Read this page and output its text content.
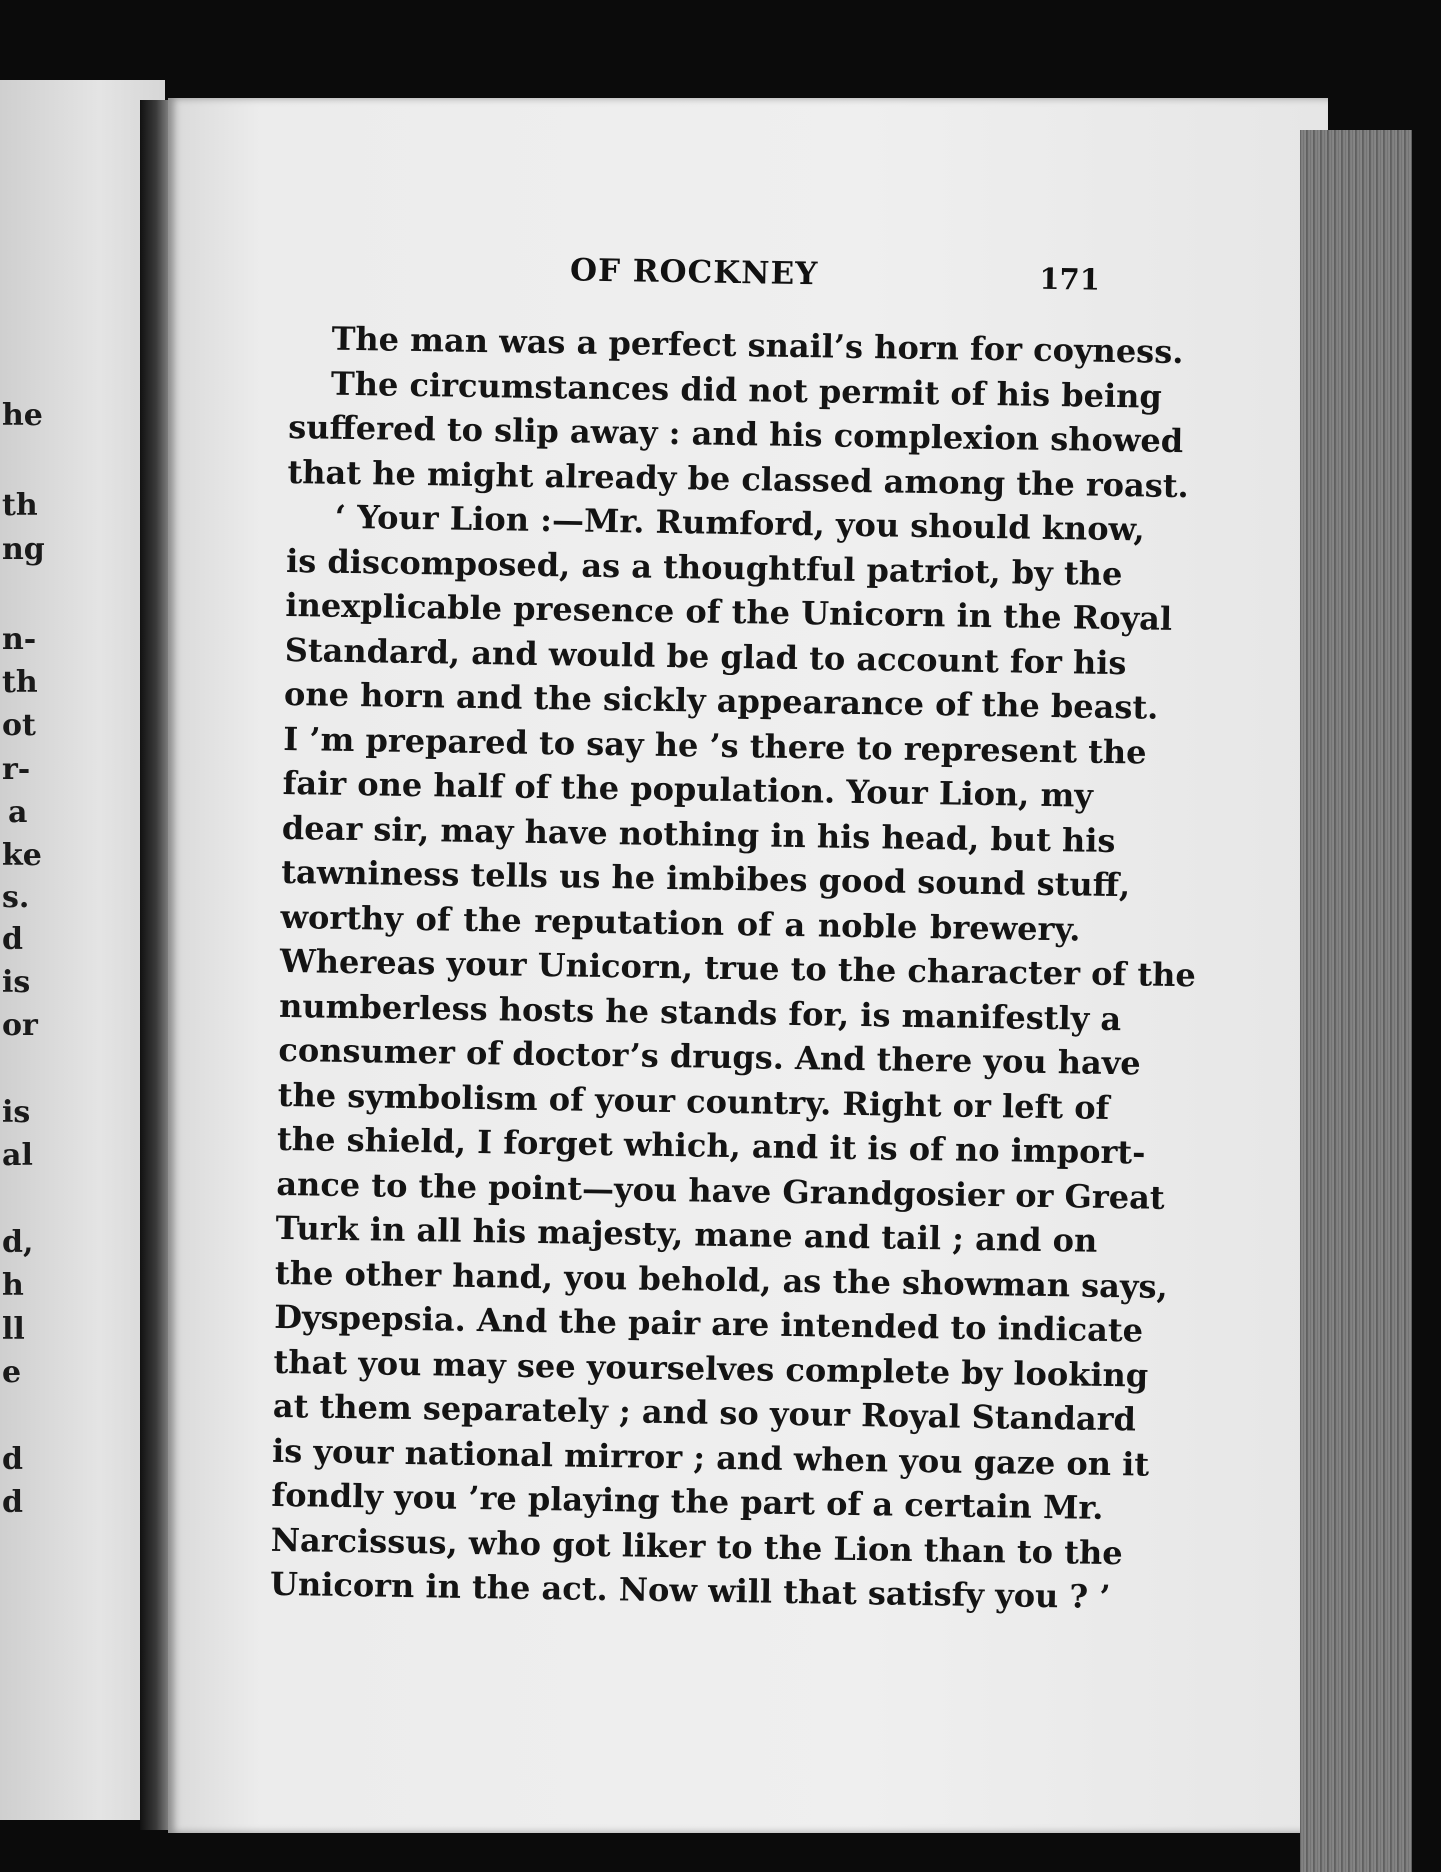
he
th
ng
n-
th
ot
r-
a
ke
s.
d
is
or
is
al
d,
h
ll
e
d
d
OF ROCKNEY	171
The man was a perfect snail’s horn for coyness.
The circumstances did not permit of his being
suffered to slip away : and his complexion showed
that he might already be classed among the roast.
‘ Your Lion :—Mr. Rumford, you should know,
is discomposed, as a thoughtful patriot, by the
inexplicable presence of the Unicorn in the Royal
Standard, and would be glad to account for his
one horn and the sickly appearance of the beast.
I ’m prepared to say he ’s there to represent the
fair one half of the population. Your Lion, my
dear sir, may have nothing in his head, but his
tawniness tells us he imbibes good sound stuff,
worthy of the reputation of a noble brewery.
Whereas your Unicorn, true to the character of the
numberless hosts he stands for, is manifestly a
consumer of doctor’s drugs. And there you have
the symbolism of your country. Right or left of
the shield, I forget which, and it is of no import-
ance to the point—you have Grandgosier or Great
Turk in all his majesty, mane and tail ; and on
the other hand, you behold, as the showman says,
Dyspepsia. And the pair are intended to indicate
that you may see yourselves complete by looking
at them separately ; and so your Royal Standard
is your national mirror ; and when you gaze on it
fondly you ’re playing the part of a certain Mr.
Narcissus, who got liker to the Lion than to the
Unicorn in the act. Now will that satisfy you ? ’
